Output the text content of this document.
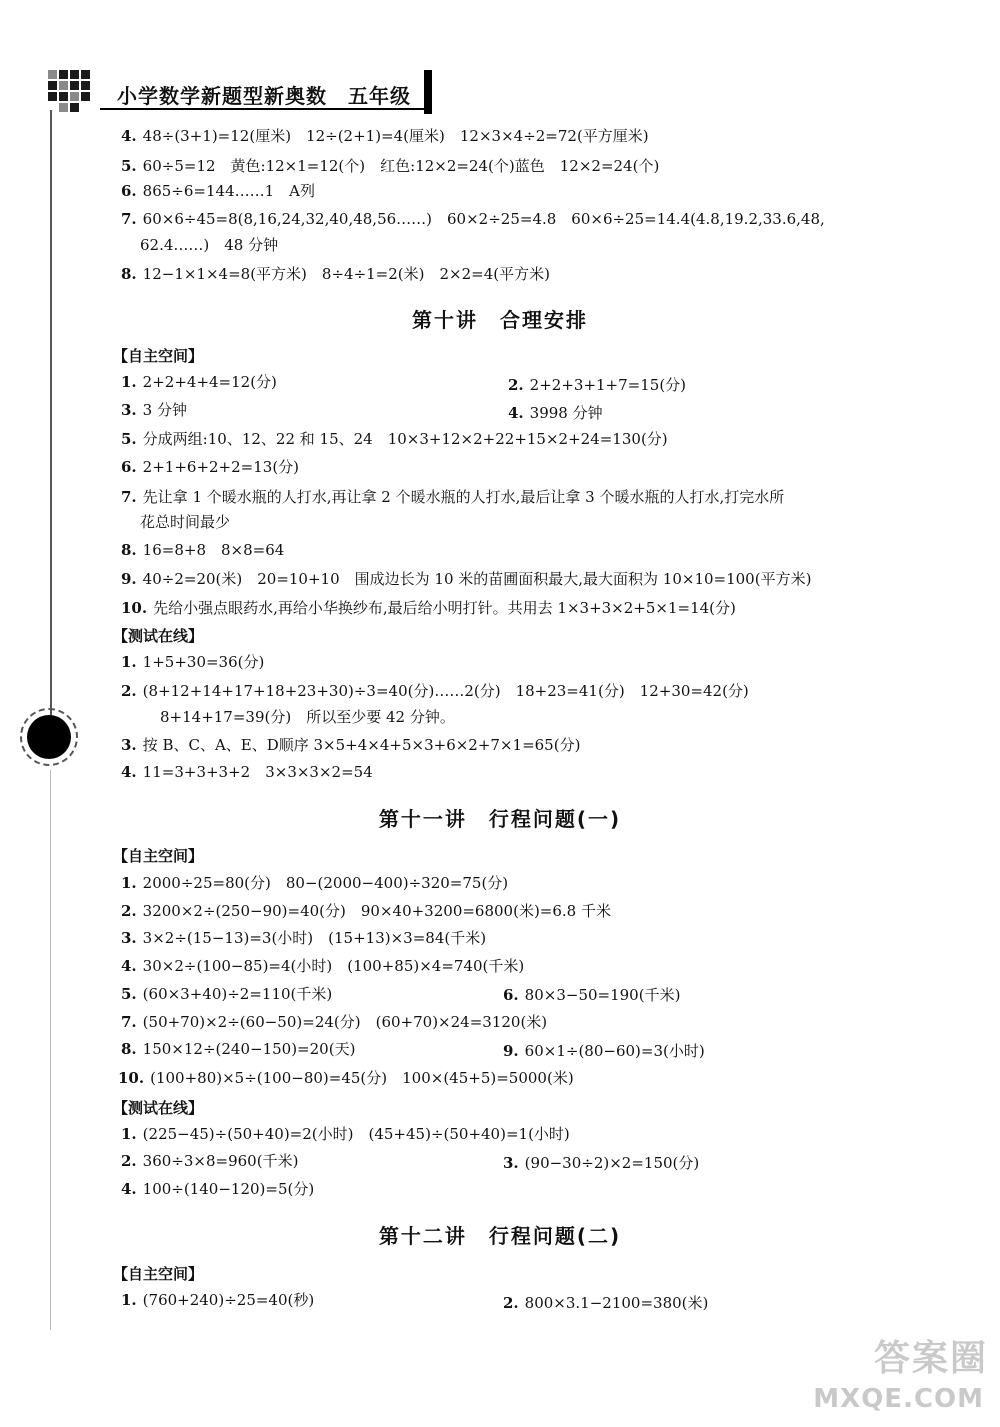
小学数学新题型新奥数　五年级
4. 48÷(3+1)=12(厘米)　12÷(2+1)=4(厘米)　12×3×4÷2=72(平方厘米)
5. 60÷5=12　黄色:12×1=12(个)　红色:12×2=24(个)蓝色　12×2=24(个)
6. 865÷6=144……1　A列
7. 60×6÷45=8(8,16,24,32,40,48,56……)　60×2÷25=4.8　60×6÷25=14.4(4.8,19.2,33.6,48,
62.4……)　48 分钟
8. 12−1×1×4=8(平方米)　8÷4÷1=2(米)　2×2=4(平方米)
第十讲　合理安排
【自主空间】
1. 2+2+4+4=12(分)	2. 2+2+3+1+7=15(分)
3. 3 分钟	4. 3998 分钟
5. 分成两组:10、12、22 和 15、24　10×3+12×2+22+15×2+24=130(分)
6. 2+1+6+2+2=13(分)
7. 先让拿 1 个暖水瓶的人打水,再让拿 2 个暖水瓶的人打水,最后让拿 3 个暖水瓶的人打水,打完水所
花总时间最少
8. 16=8+8　8×8=64
9. 40÷2=20(米)　20=10+10　围成边长为 10 米的苗圃面积最大,最大面积为 10×10=100(平方米)
10. 先给小强点眼药水,再给小华换纱布,最后给小明打针。共用去 1×3+3×2+5×1=14(分)
【测试在线】
1. 1+5+30=36(分)
2. (8+12+14+17+18+23+30)÷3=40(分)……2(分)　18+23=41(分)　12+30=42(分)
8+14+17=39(分)　所以至少要 42 分钟。
3. 按 B、C、A、E、D顺序 3×5+4×4+5×3+6×2+7×1=65(分)
4. 11=3+3+3+2　3×3×3×2=54
第十一讲　行程问题(一)
【自主空间】
1. 2000÷25=80(分)　80−(2000−400)÷320=75(分)
2. 3200×2÷(250−90)=40(分)　90×40+3200=6800(米)=6.8 千米
3. 3×2÷(15−13)=3(小时)　(15+13)×3=84(千米)
4. 30×2÷(100−85)=4(小时)　(100+85)×4=740(千米)
5. (60×3+40)÷2=110(千米)	6. 80×3−50=190(千米)
7. (50+70)×2÷(60−50)=24(分)　(60+70)×24=3120(米)
8. 150×12÷(240−150)=20(天)	9. 60×1÷(80−60)=3(小时)
10. (100+80)×5÷(100−80)=45(分)　100×(45+5)=5000(米)
【测试在线】
1. (225−45)÷(50+40)=2(小时)　(45+45)÷(50+40)=1(小时)
2. 360÷3×8=960(千米)	3. (90−30÷2)×2=150(分)
4. 100÷(140−120)=5(分)
第十二讲　行程问题(二)
【自主空间】
1. (760+240)÷25=40(秒)	2. 800×3.1−2100=380(米)
答案圈
MXQE.COM
